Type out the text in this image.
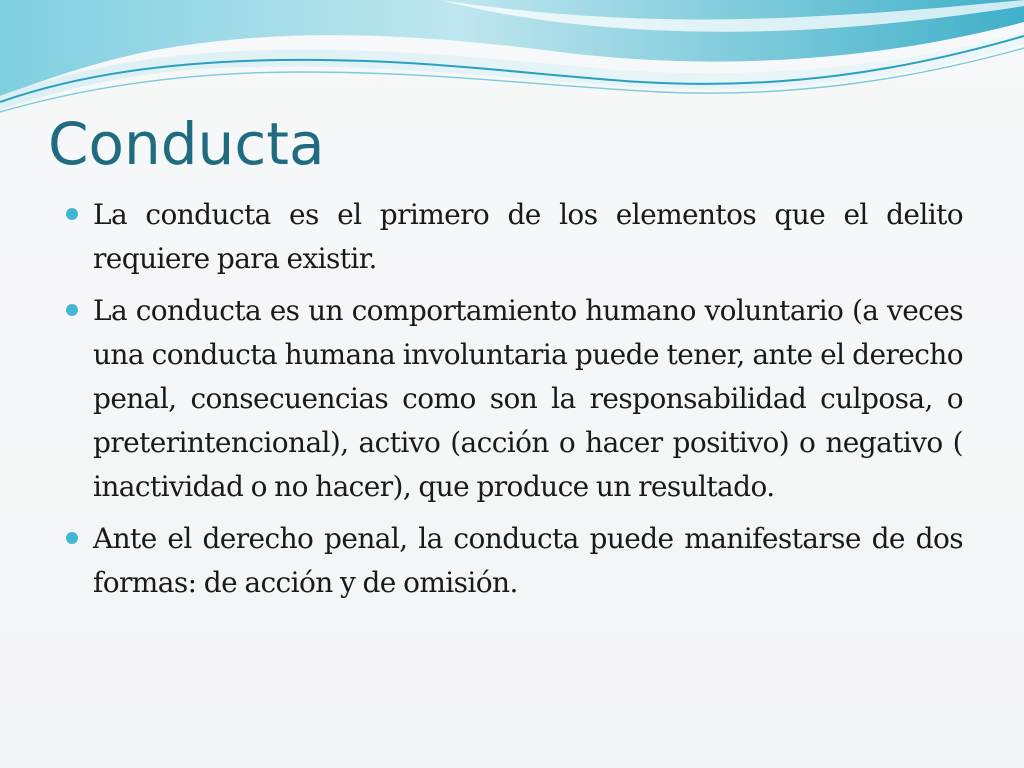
Conducta
La conducta es el primero de los elementos que el delito requiere para existir.
La conducta es un comportamiento humano voluntario (a veces una conducta humana involuntaria puede tener, ante el derecho penal, consecuencias como son la responsabilidad culposa, o preterintencional), activo (acción o hacer positivo) o negativo ( inactividad o no hacer), que produce un resultado.
Ante el derecho penal, la conducta puede manifestarse de dos formas: de acción y de omisión.
